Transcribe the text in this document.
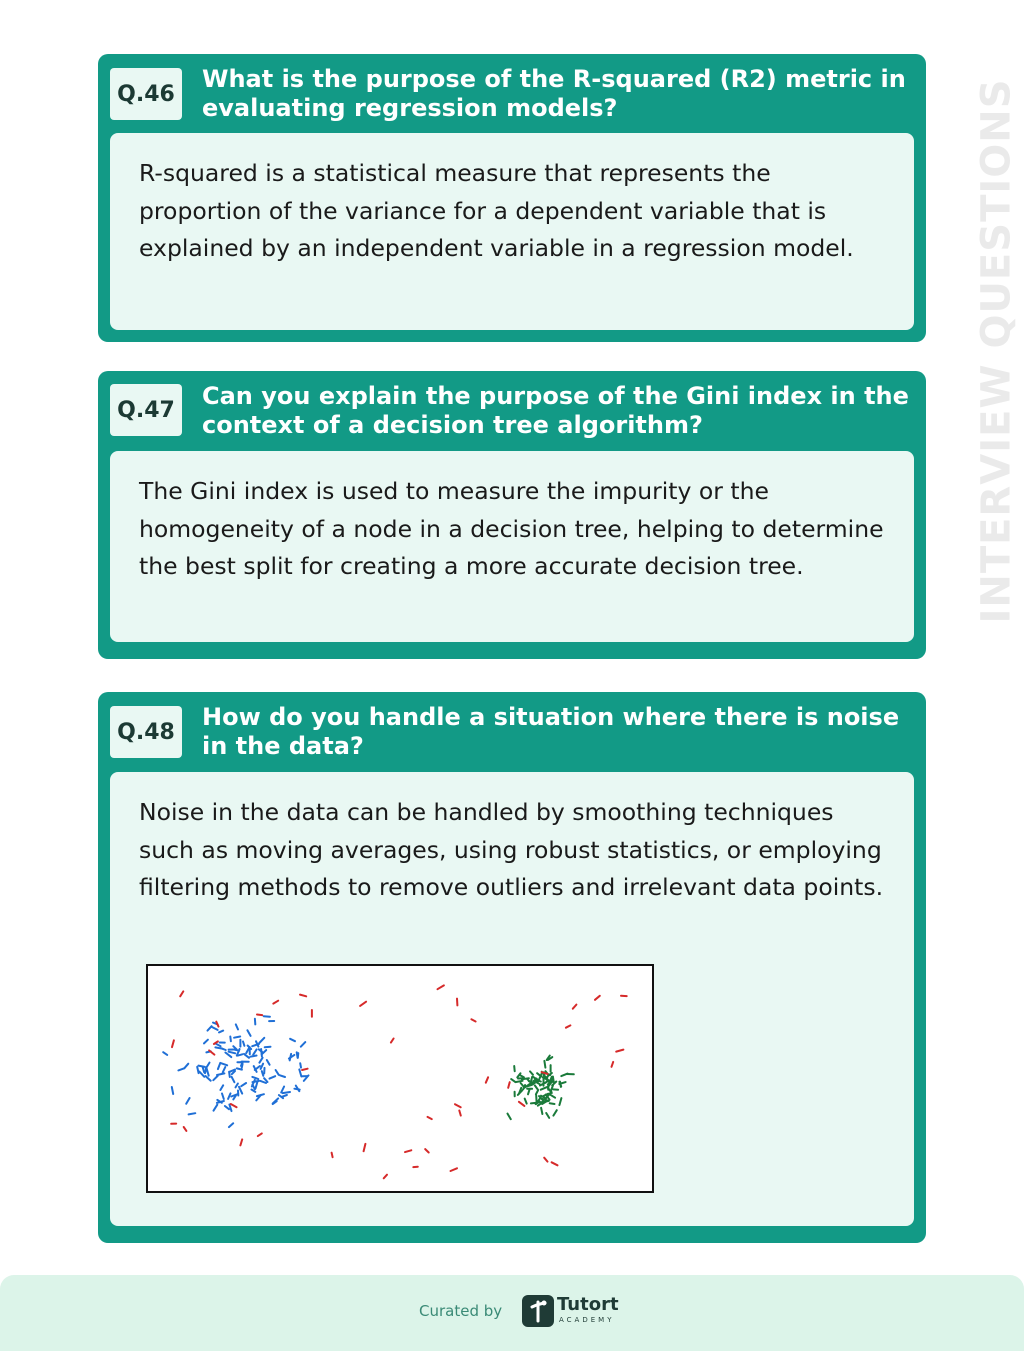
INTERVIEW QUESTIONS
Q.46
What is the purpose of the R-squared (R2) metric in evaluating regression models?

R-squared is a statistical measure that represents the proportion of the variance for a dependent variable that is explained by an independent variable in a regression model.

Q.47 Can you explain the purpose of the Gini index in the context of a decision tree algorithm?

The Gini index is used to measure the impurity or the homogeneity of a node in a decision tree, helping to determine the best split for creating a more accurate decision tree.

Q.48
How do you handle a situation where there is noise in the data?

Noise in the data can be handled by smoothing techniques such as moving averages, using robust statistics, or employing filtering methods to remove outliers and irrelevant data points.

Curated by	Tutort
ACADEMY
